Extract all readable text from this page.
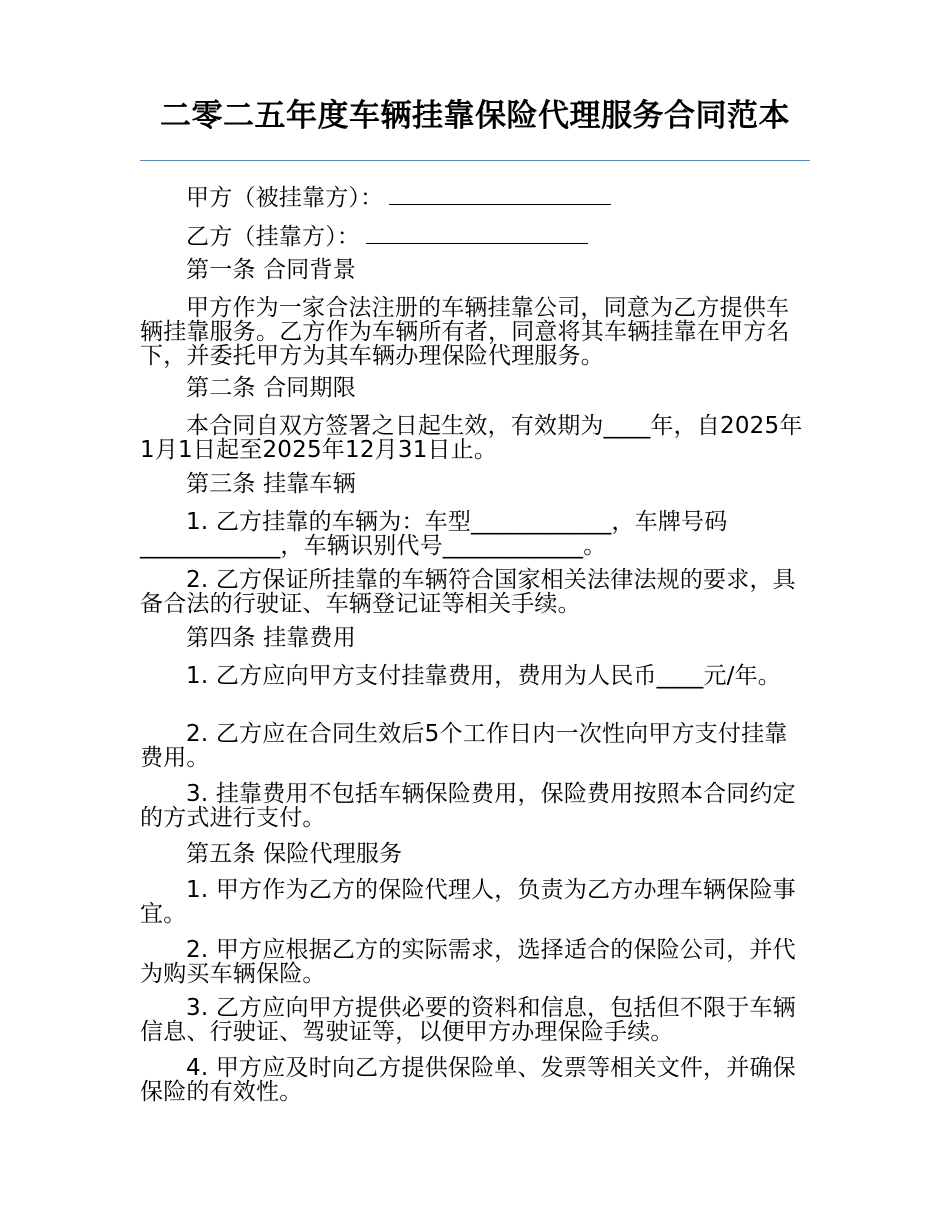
二零二五年度车辆挂靠保险代理服务合同范本

甲方（被挂靠方）：

乙方（挂靠方）：

第一条 合同背景

甲方作为一家合法注册的车辆挂靠公司，同意为乙方提供车辆挂靠服务。乙方作为车辆所有者，同意将其车辆挂靠在甲方名下，并委托甲方为其车辆办理保险代理服务。

第二条 合同期限

本合同自双方签署之日起生效，有效期为____年，自2025年1月1日起至2025年12月31日止。

第三条 挂靠车辆

1. 乙方挂靠的车辆为：车型____________，车牌号码____________，车辆识别代号____________。

2. 乙方保证所挂靠的车辆符合国家相关法律法规的要求，具备合法的行驶证、车辆登记证等相关手续。

第四条 挂靠费用

1. 乙方应向甲方支付挂靠费用，费用为人民币____元/年。

2. 乙方应在合同生效后5个工作日内一次性向甲方支付挂靠费用。

3. 挂靠费用不包括车辆保险费用，保险费用按照本合同约定的方式进行支付。

第五条 保险代理服务

1. 甲方作为乙方的保险代理人，负责为乙方办理车辆保险事宜。

2. 甲方应根据乙方的实际需求，选择适合的保险公司，并代为购买车辆保险。

3. 乙方应向甲方提供必要的资料和信息，包括但不限于车辆信息、行驶证、驾驶证等，以便甲方办理保险手续。

4. 甲方应及时向乙方提供保险单、发票等相关文件，并确保保险的有效性。
